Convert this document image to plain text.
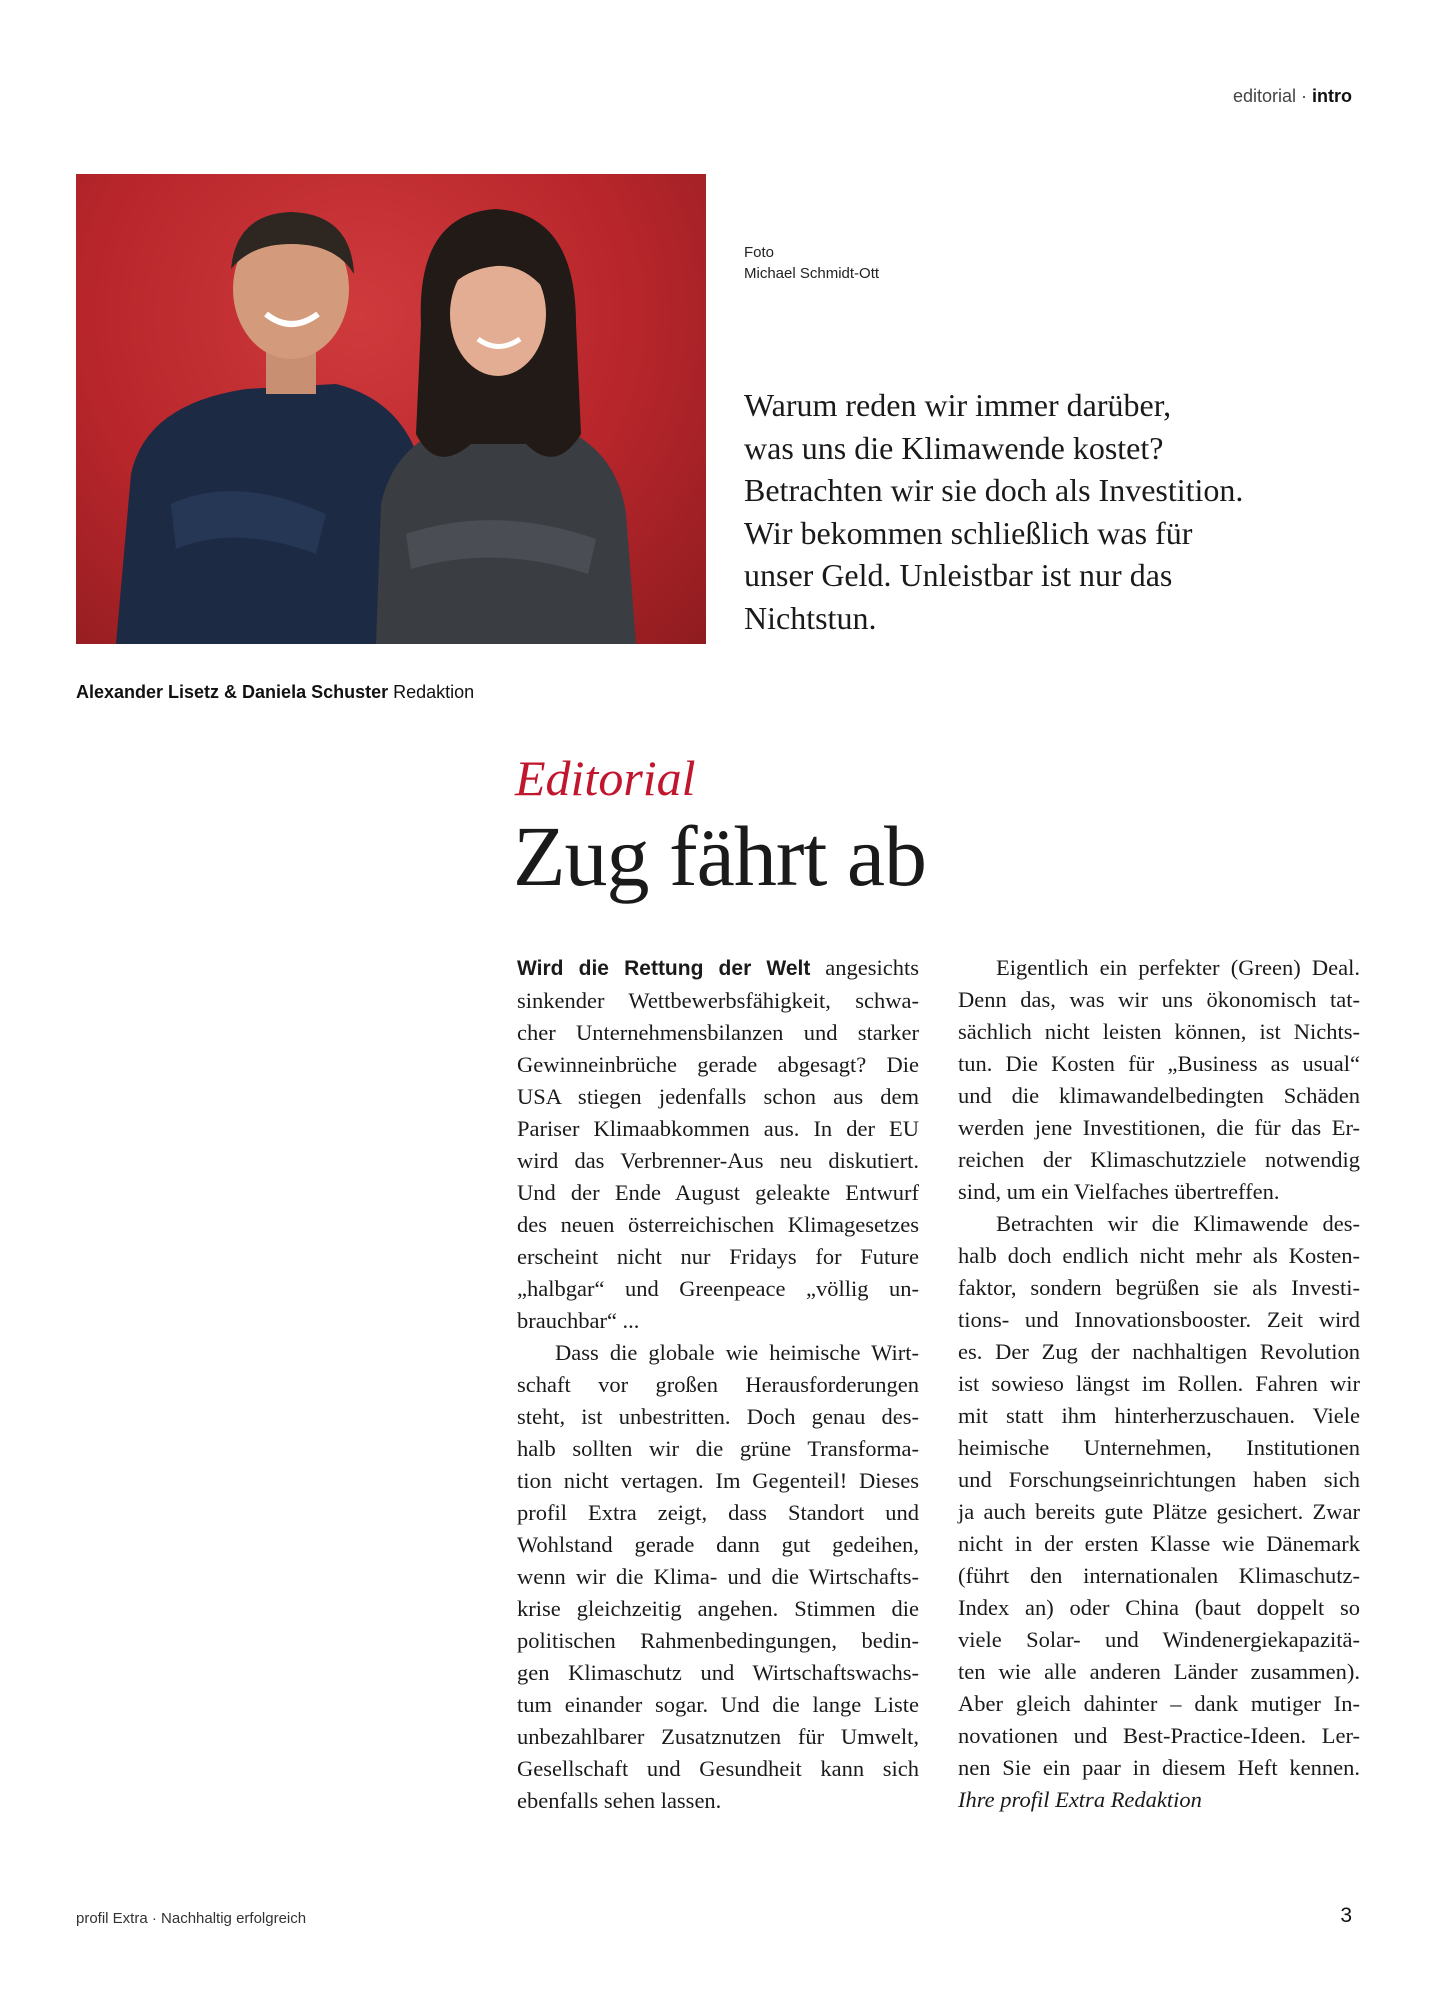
editorial · intro
Foto
Michael Schmidt-Ott
Warum reden wir immer darüber,
was uns die Klimawende kostet?
Betrachten wir sie doch als Investition.
Wir bekommen schließlich was für
unser Geld. Unleistbar ist nur das
Nichtstun.
Alexander Lisetz & Daniela Schuster Redaktion
Editorial
Zug fährt ab
Wird die Rettung der Welt angesichts
sinkender Wettbewerbsfähigkeit, schwa-
cher Unternehmensbilanzen und starker
Gewinneinbrüche gerade abgesagt? Die
USA stiegen jedenfalls schon aus dem
Pariser Klimaabkommen aus. In der EU
wird das Verbrenner-Aus neu diskutiert.
Und der Ende August geleakte Entwurf
des neuen österreichischen Klimagesetzes
erscheint nicht nur Fridays for Future
„halbgar“ und Greenpeace „völlig un-
brauchbar“ ...
Dass die globale wie heimische Wirt-
schaft vor großen Herausforderungen
steht, ist unbestritten. Doch genau des-
halb sollten wir die grüne Transforma-
tion nicht vertagen. Im Gegenteil! Dieses
profil Extra zeigt, dass Standort und
Wohlstand gerade dann gut gedeihen,
wenn wir die Klima- und die Wirtschafts-
krise gleichzeitig angehen. Stimmen die
politischen Rahmenbedingungen, bedin-
gen Klimaschutz und Wirtschaftswachs-
tum einander sogar. Und die lange Liste
unbezahlbarer Zusatznutzen für Umwelt,
Gesellschaft und Gesundheit kann sich
ebenfalls sehen lassen.
Eigentlich ein perfekter (Green) Deal.
Denn das, was wir uns ökonomisch tat-
sächlich nicht leisten können, ist Nichts-
tun. Die Kosten für „Business as usual“
und die klimawandelbedingten Schäden
werden jene Investitionen, die für das Er-
reichen der Klimaschutzziele notwendig
sind, um ein Vielfaches übertreffen.
Betrachten wir die Klimawende des-
halb doch endlich nicht mehr als Kosten-
faktor, sondern begrüßen sie als Investi-
tions- und Innovationsbooster. Zeit wird
es. Der Zug der nachhaltigen Revolution
ist sowieso längst im Rollen. Fahren wir
mit statt ihm hinterherzuschauen. Viele
heimische Unternehmen, Institutionen
und Forschungseinrichtungen haben sich
ja auch bereits gute Plätze gesichert. Zwar
nicht in der ersten Klasse wie Dänemark
(führt den internationalen Klimaschutz-
Index an) oder China (baut doppelt so
viele Solar- und Windenergiekapazitä-
ten wie alle anderen Länder zusammen).
Aber gleich dahinter – dank mutiger In-
novationen und Best-Practice-Ideen. Ler-
nen Sie ein paar in diesem Heft kennen.
Ihre profil Extra Redaktion
profil Extra · Nachhaltig erfolgreich	3
